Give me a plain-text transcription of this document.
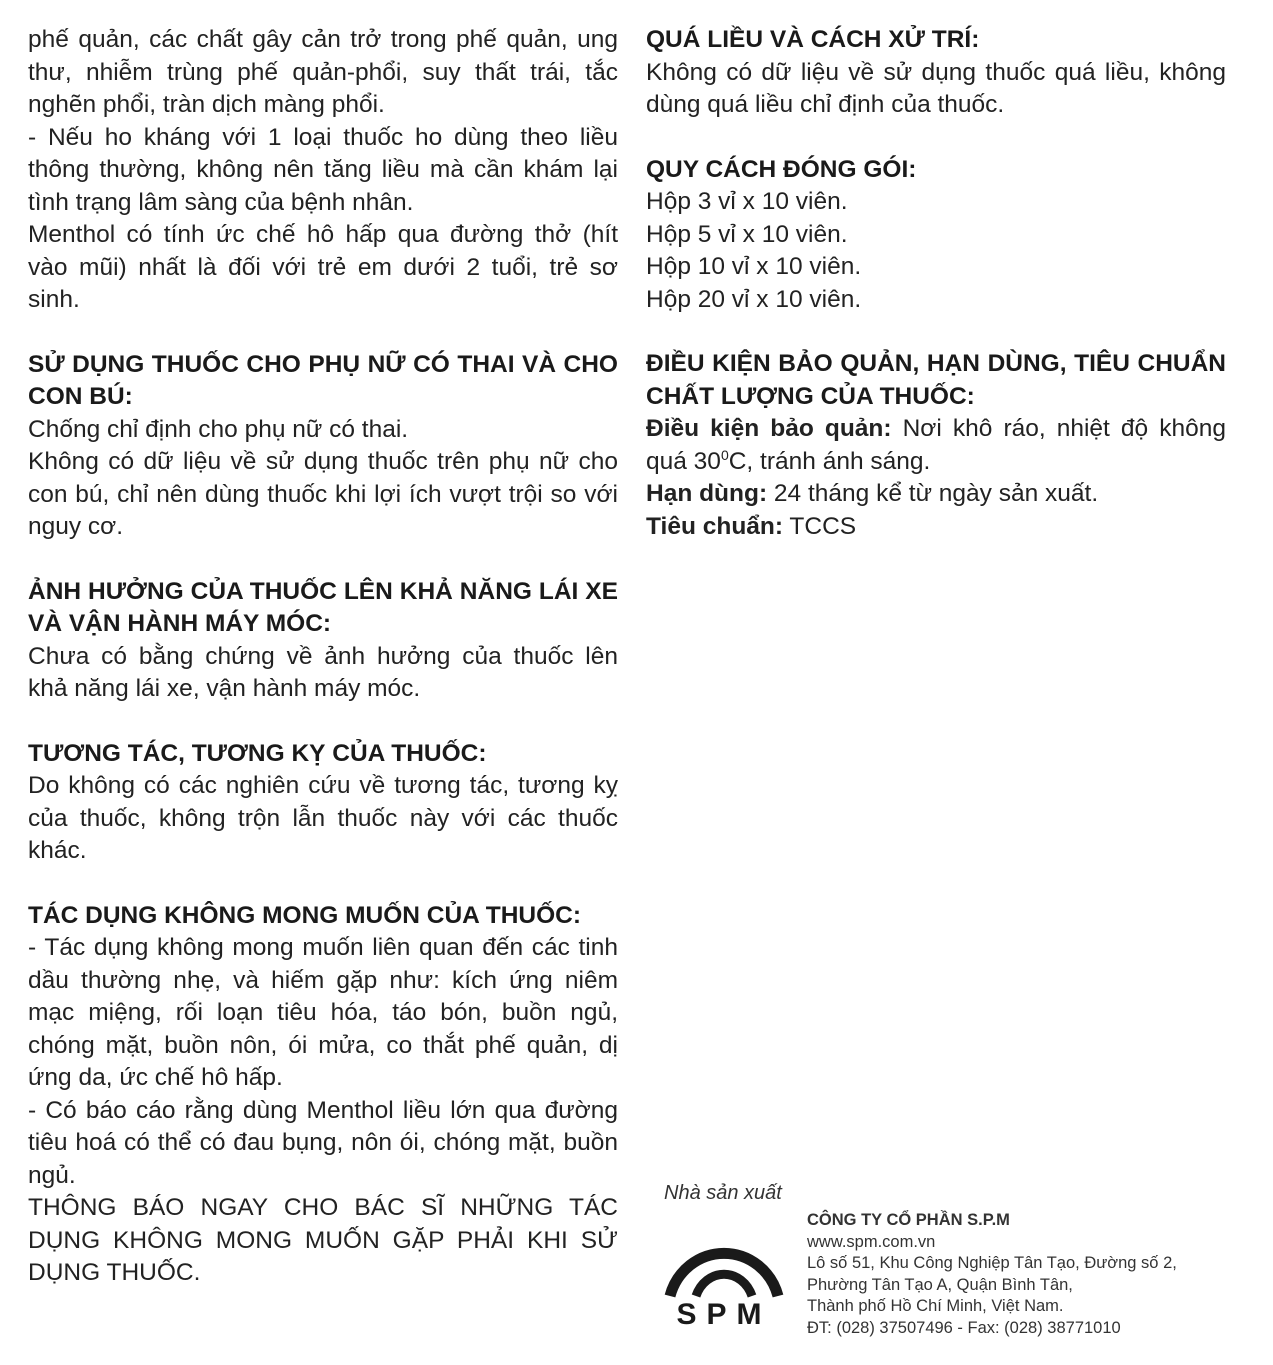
phế quản, các chất gây cản trở trong phế quản, ung thư, nhiễm trùng phế quản-phổi, suy thất trái, tắc nghẽn phổi, tràn dịch màng phổi.

- Nếu ho kháng với 1 loại thuốc ho dùng theo liều thông thường, không nên tăng liều mà cần khám lại tình trạng lâm sàng của bệnh nhân.

Menthol có tính ức chế hô hấp qua đường thở (hít vào mũi) nhất là đối với trẻ em dưới 2 tuổi, trẻ sơ sinh.

SỬ DỤNG THUỐC CHO PHỤ NỮ CÓ THAI VÀ CHO CON BÚ:

Chống chỉ định cho phụ nữ có thai.

Không có dữ liệu về sử dụng thuốc trên phụ nữ cho con bú, chỉ nên dùng thuốc khi lợi ích vượt trội so với nguy cơ.

ẢNH HƯỞNG CỦA THUỐC LÊN KHẢ NĂNG LÁI XE VÀ VẬN HÀNH MÁY MÓC:

Chưa có bằng chứng về ảnh hưởng của thuốc lên khả năng lái xe, vận hành máy móc.

TƯƠNG TÁC, TƯƠNG KỴ CỦA THUỐC:

Do không có các nghiên cứu về tương tác, tương kỵ của thuốc, không trộn lẫn thuốc này với các thuốc khác.

TÁC DỤNG KHÔNG MONG MUỐN CỦA THUỐC:

- Tác dụng không mong muốn liên quan đến các tinh dầu thường nhẹ, và hiếm gặp như: kích ứng niêm mạc miệng, rối loạn tiêu hóa, táo bón, buồn ngủ, chóng mặt, buồn nôn, ói mửa, co thắt phế quản, dị ứng da, ức chế hô hấp.

- Có báo cáo rằng dùng Menthol liều lớn qua đường tiêu hoá có thể có đau bụng, nôn ói, chóng mặt, buồn ngủ.

THÔNG BÁO NGAY CHO BÁC SĨ NHỮNG TÁC DỤNG KHÔNG MONG MUỐN GẶP PHẢI KHI SỬ DỤNG THUỐC.

QUÁ LIỀU VÀ CÁCH XỬ TRÍ:

Không có dữ liệu về sử dụng thuốc quá liều, không dùng quá liều chỉ định của thuốc.

QUY CÁCH ĐÓNG GÓI:

Hộp 3 vỉ x 10 viên.

Hộp 5 vỉ x 10 viên.

Hộp 10 vỉ x 10 viên.

Hộp 20 vỉ x 10 viên.

ĐIỀU KIỆN BẢO QUẢN, HẠN DÙNG, TIÊU CHUẨN CHẤT LƯỢNG CỦA THUỐC:

Điều kiện bảo quản: Nơi khô ráo, nhiệt độ không quá $30^0C$, tránh ánh sáng.

Hạn dùng: 24 tháng kể từ ngày sản xuất.

Tiêu chuẩn: TCCS

Nhà sản xuất
SPM
CÔNG TY CỔ PHẦN S.P.M
www.spm.com.vn
Lô số 51, Khu Công Nghiệp Tân Tạo, Đường số 2,
Phường Tân Tạo A, Quận Bình Tân,
Thành phố Hồ Chí Minh, Việt Nam.
ĐT: (028) 37507496 - Fax: (028) 38771010
